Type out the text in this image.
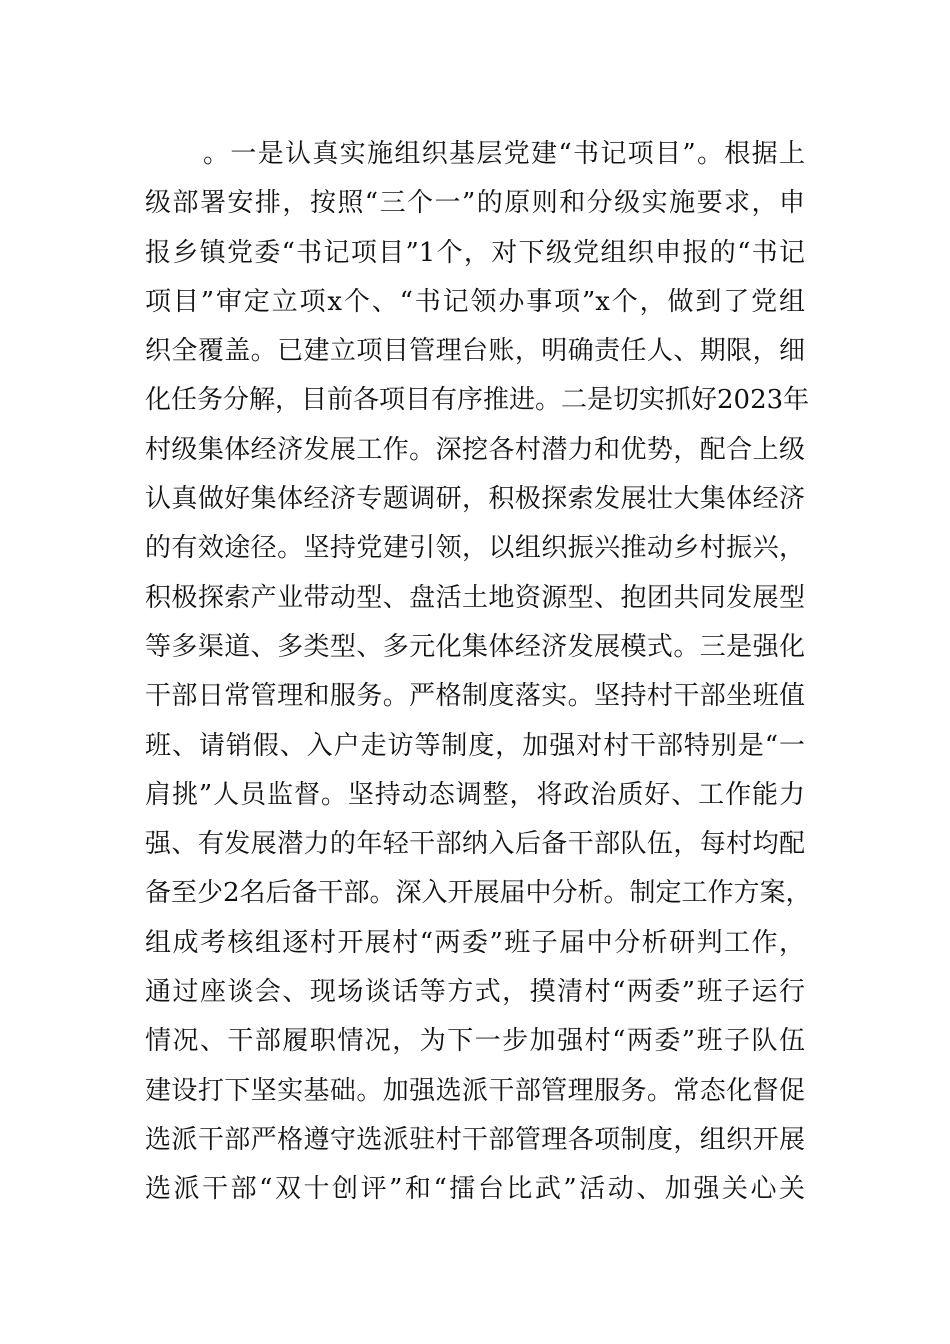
。一是认真实施组织基层党建“书记项目”。根据上
级部署安排，按照“三个一”的原则和分级实施要求，申
报乡镇党委“书记项目”1个，对下级党组织申报的“书记
项目”审定立项x个、“书记领办事项”x个，做到了党组
织全覆盖。已建立项目管理台账，明确责任人、期限，细
化任务分解，目前各项目有序推进。二是切实抓好2023年
村级集体经济发展工作。深挖各村潜力和优势，配合上级
认真做好集体经济专题调研，积极探索发展壮大集体经济
的有效途径。坚持党建引领，以组织振兴推动乡村振兴，
积极探索产业带动型、盘活土地资源型、抱团共同发展型
等多渠道、多类型、多元化集体经济发展模式。三是强化
干部日常管理和服务。严格制度落实。坚持村干部坐班值
班、请销假、入户走访等制度，加强对村干部特别是“一
肩挑”人员监督。坚持动态调整，将政治质好、工作能力
强、有发展潜力的年轻干部纳入后备干部队伍，每村均配
备至少2名后备干部。深入开展届中分析。制定工作方案，
组成考核组逐村开展村“两委”班子届中分析研判工作，
通过座谈会、现场谈话等方式，摸清村“两委”班子运行
情况、干部履职情况，为下一步加强村“两委”班子队伍
建设打下坚实基础。加强选派干部管理服务。常态化督促
选派干部严格遵守选派驻村干部管理各项制度，组织开展
选派干部“双十创评”和“擂台比武”活动、加强关心关
